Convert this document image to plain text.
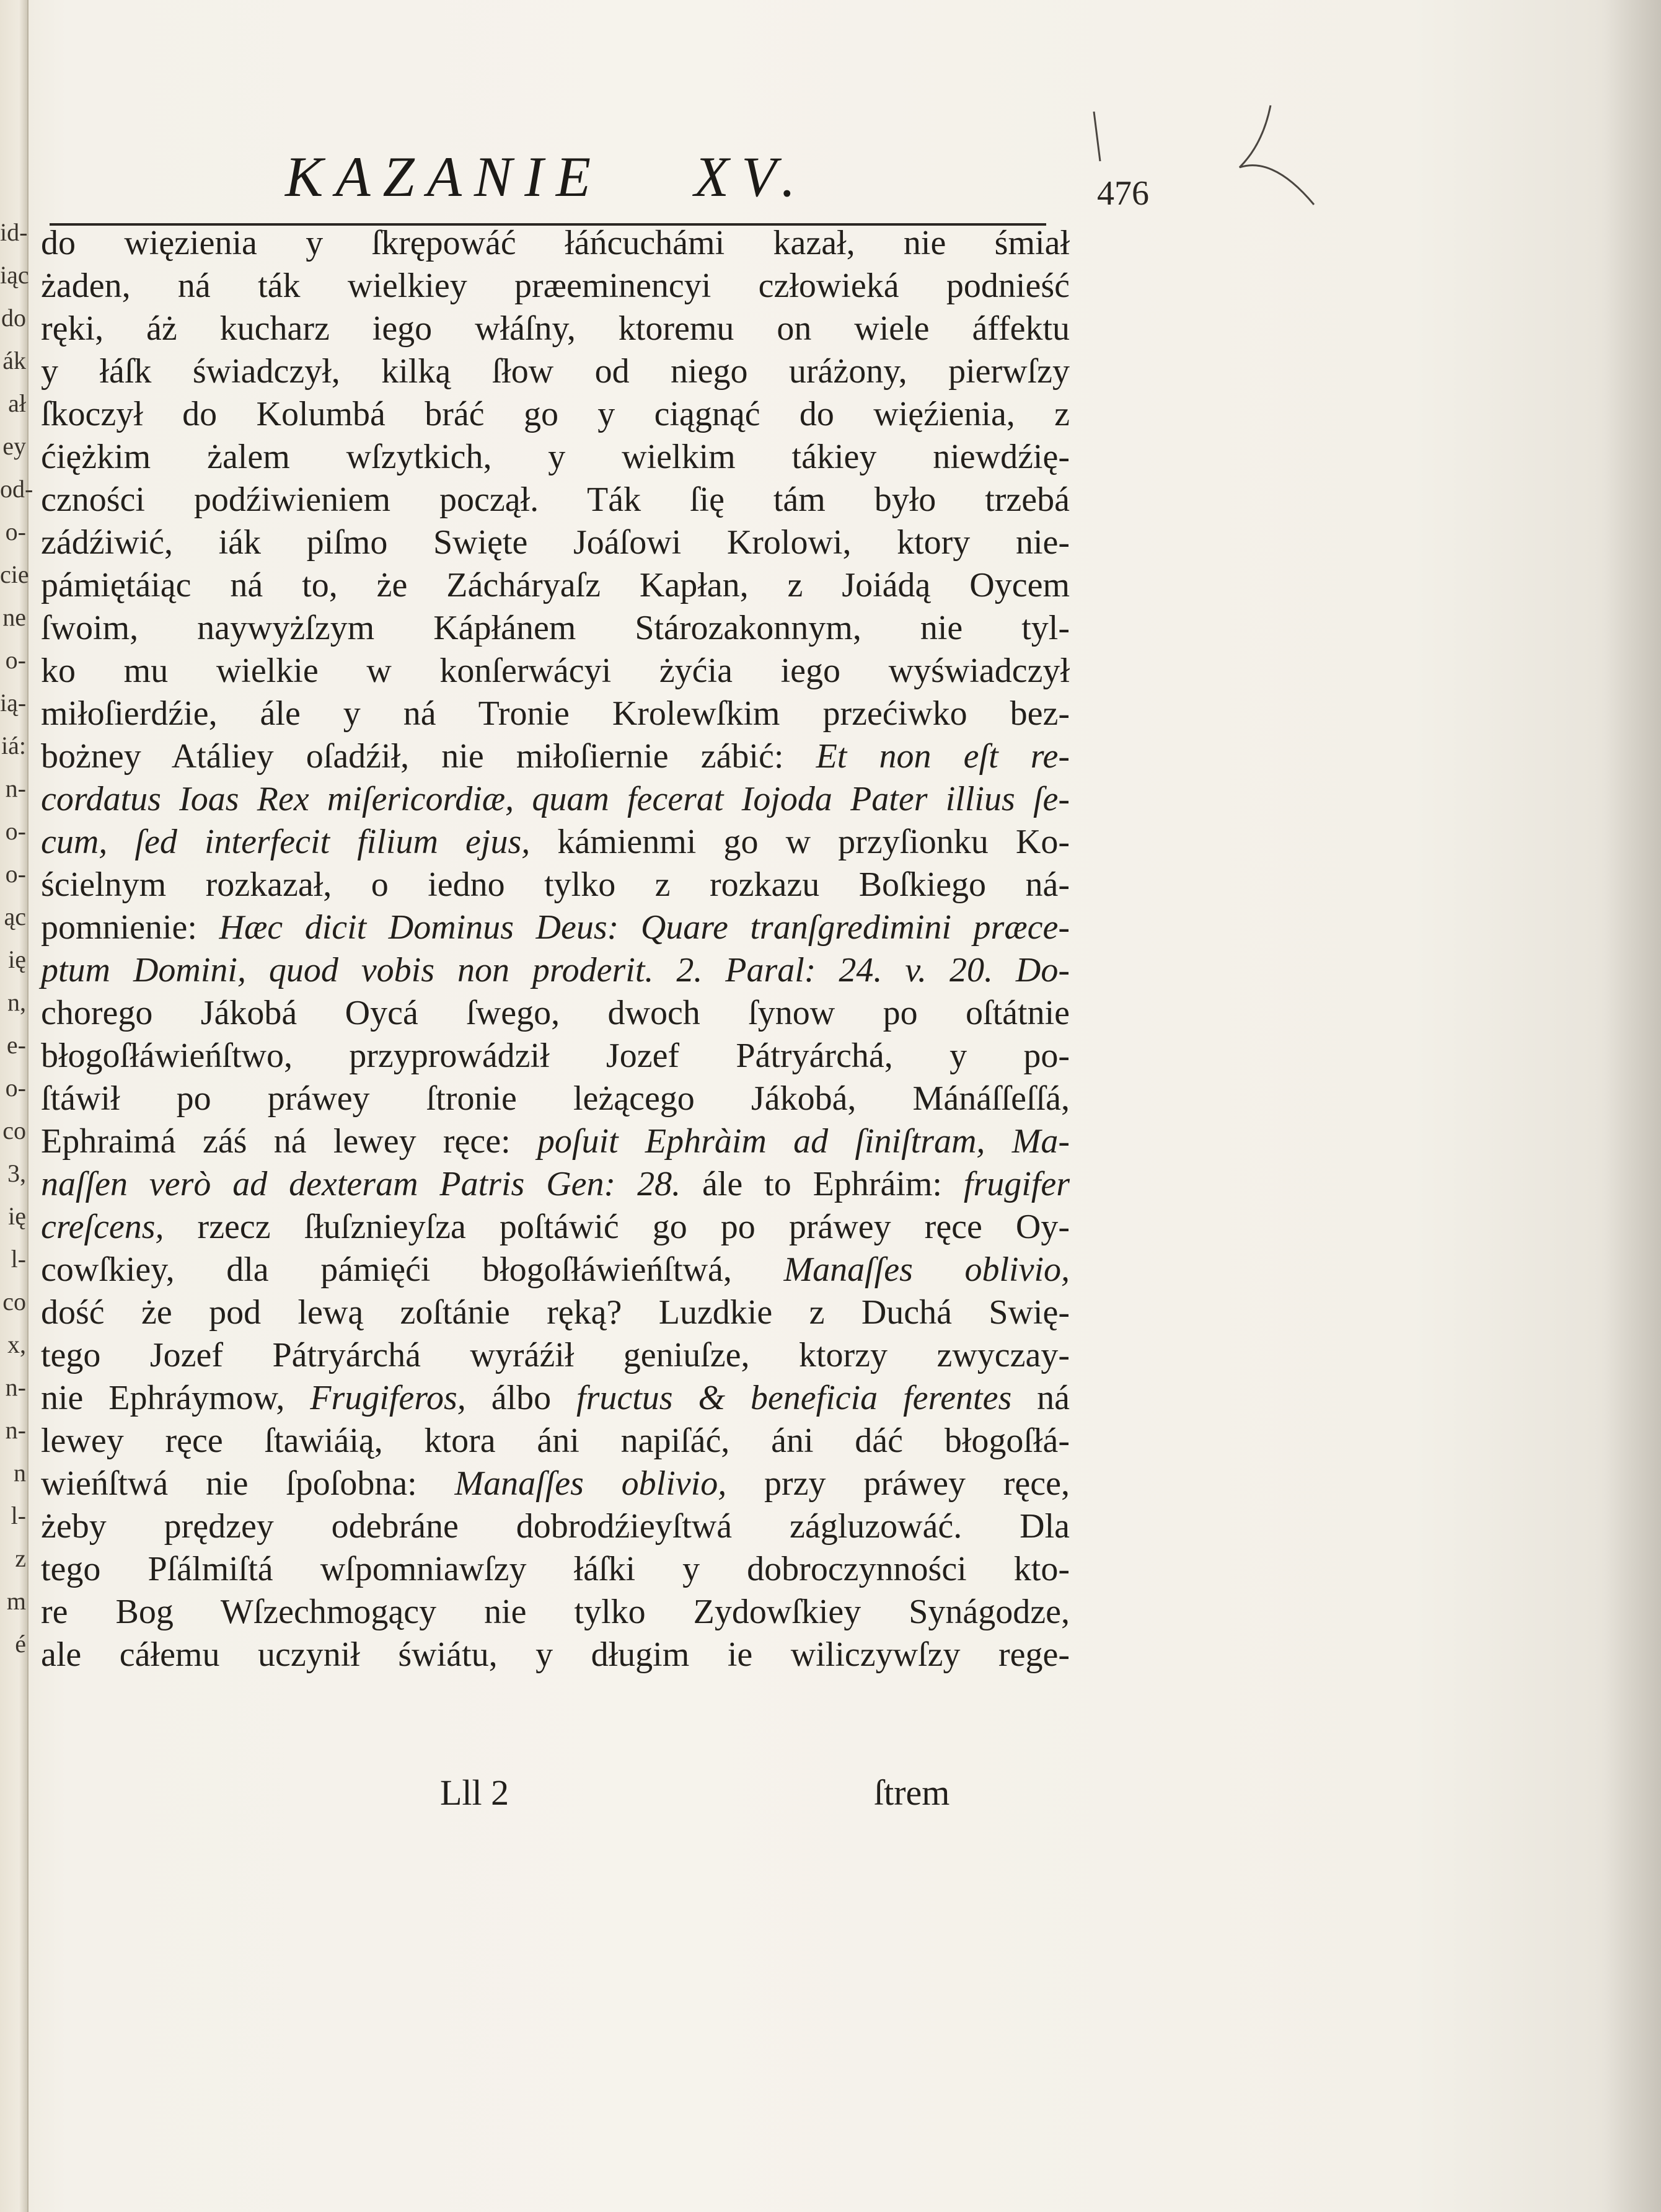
id-
iąc
do
ák
ał
ey
od-
o-
cie
ne
o-
ią-
iá:
n-
o-
o-
ąc
ię
n,
e-
o-
co
3,
ię
l-
co
x,
n-
n-
n
l-
z
m
é
KAZANIE XV.	476
do więzienia y ſkrępowáć łáńcuchámi kazał, nie śmiał
żaden, ná ták wielkiey præeminencyi człowieká podnieść
ręki, áż kucharz iego włáſny, ktoremu on wiele áffektu
y łáſk świadczył, kilką ſłow od niego uráżony, pierwſzy
ſkoczył do Kolumbá bráć go y ciągnąć do więźienia, z
ćiężkim żalem wſzytkich, y wielkim tákiey niewdźię-
czności podźiwieniem począł. Ták ſię tám było trzebá
zádźiwić, iák piſmo Swięte Joáſowi Krolowi, ktory nie-
pámiętáiąc ná to, że Zácháryaſz Kapłan, z Joiádą Oycem
ſwoim, naywyżſzym Kápłánem Stározakonnym, nie tyl-
ko mu wielkie w konſerwácyi żyćia iego wyświadczył
miłoſierdźie, ále y ná Tronie Krolewſkim przećiwko bez-
bożney Atáliey oſadźił, nie miłoſiernie zábić: Et non eſt re-
cordatus Ioas Rex miſericordiæ, quam fecerat Iojoda Pater illius ſe-
cum, ſed interfecit filium ejus, kámienmi go w przyſionku Ko-
ścielnym rozkazał, o iedno tylko z rozkazu Boſkiego ná-
pomnienie: Hæc dicit Dominus Deus: Quare tranſgredimini præce-
ptum Domini, quod vobis non proderit. 2. Paral: 24. v. 20. Do-
chorego Jákobá Oycá ſwego, dwoch ſynow po oſtátnie
błogoſłáwieńſtwo, przyprowádził Jozef Pátryárchá, y po-
ſtáwił po práwey ſtronie leżącego Jákobá, Mánáſſeſſá,
Ephraimá záś ná lewey ręce: poſuit Ephràim ad ſiniſtram, Ma-
naſſen verò ad dexteram Patris Gen: 28. ále to Ephráim: frugifer
creſcens, rzecz ſłuſznieyſza poſtáwić go po práwey ręce Oy-
cowſkiey, dla pámięći błogoſłáwieńſtwá, Manaſſes oblivio,
dość że pod lewą zoſtánie ręką? Luzdkie z Duchá Swię-
tego Jozef Pátryárchá wyráźił geniuſze, ktorzy zwyczay-
nie Ephráymow, Frugiferos, álbo fructus & beneficia ferentes ná
lewey ręce ſtawiáią, ktora áni napiſáć, áni dáć błogoſłá-
wieńſtwá nie ſpoſobna: Manaſſes oblivio, przy práwey ręce,
żeby prędzey odebráne dobrodźieyſtwá zágluzowáć. Dla
tego Pſálmiſtá wſpomniawſzy łáſki y dobroczynności kto-
re Bog Wſzechmogący nie tylko Zydowſkiey Synágodze,
ale cáłemu uczynił świátu, y długim ie wiliczywſzy rege-
Lll 2	ſtrem
